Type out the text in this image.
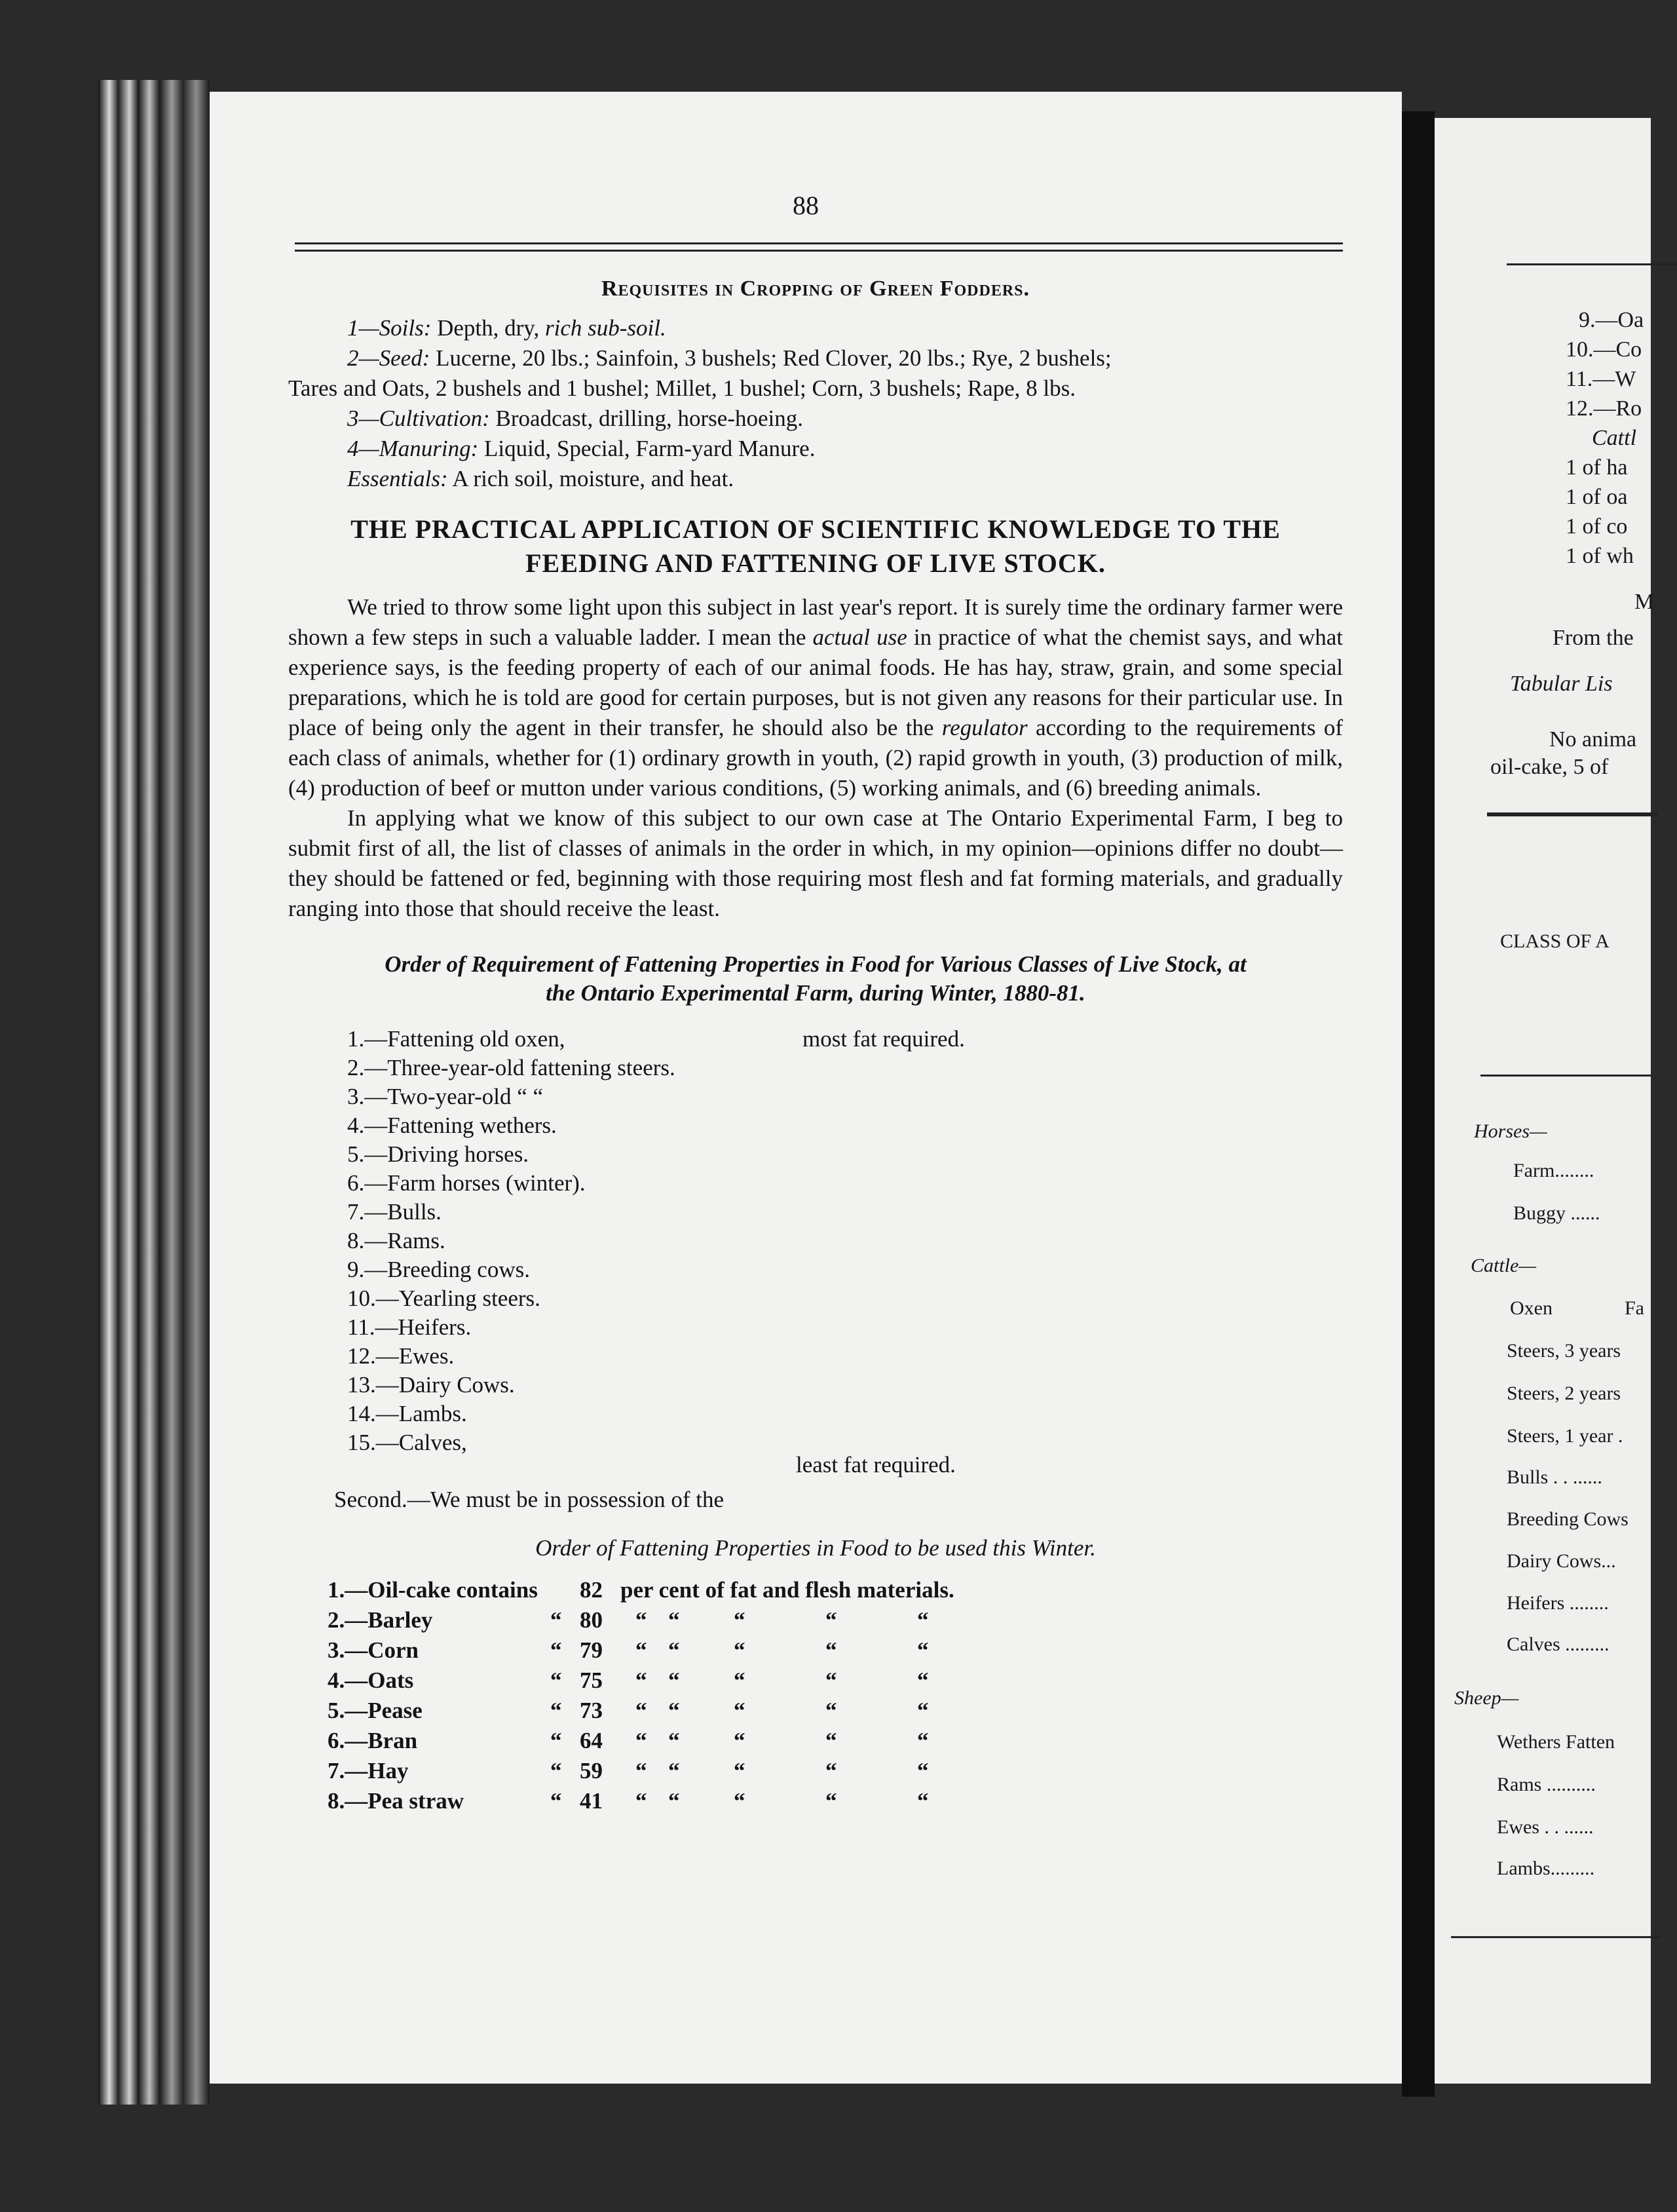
88
Requisites in Cropping of Green Fodders.

1—Soils: Depth, dry, rich sub-soil.

2—Seed: Lucerne, 20 lbs.; Sainfoin, 3 bushels; Red Clover, 20 lbs.; Rye, 2 bushels;

Tares and Oats, 2 bushels and 1 bushel; Millet, 1 bushel; Corn, 3 bushels; Rape, 8 lbs.

3—Cultivation: Broadcast, drilling, horse-hoeing.

4—Manuring: Liquid, Special, Farm-yard Manure.

Essentials: A rich soil, moisture, and heat.

THE PRACTICAL APPLICATION OF SCIENTIFIC KNOWLEDGE TO THE
FEEDING AND FATTENING OF LIVE STOCK.

We tried to throw some light upon this subject in last year's report. It is surely time the ordinary farmer were shown a few steps in such a valuable ladder. I mean the actual use in practice of what the chemist says, and what experience says, is the feeding property of each of our animal foods. He has hay, straw, grain, and some special preparations, which he is told are good for certain purposes, but is not given any reasons for their particular use. In place of being only the agent in their transfer, he should also be the regulator according to the requirements of each class of animals, whether for (1) ordinary growth in youth, (2) rapid growth in youth, (3) production of milk, (4) production of beef or mutton under various conditions, (5) working animals, and (6) breeding animals.

In applying what we know of this subject to our own case at The Ontario Experimental Farm, I beg to submit first of all, the list of classes of animals in the order in which, in my opinion—opinions differ no doubt—they should be fattened or fed, beginning with those requiring most flesh and fat forming materials, and gradually ranging into those that should receive the least.

Order of Requirement of Fattening Properties in Food for Various Classes of Live Stock, at
the Ontario Experimental Farm, during Winter, 1880-81.
most fat required.
least fat required.
1.—Fattening old oxen,
2.—Three-year-old fattening steers.
3.—Two-year-old “ “
4.—Fattening wethers.
5.—Driving horses.
6.—Farm horses (winter).
7.—Bulls.
8.—Rams.
9.—Breeding cows.
10.—Yearling steers.
11.—Heifers.
12.—Ewes.
13.—Dairy Cows.
14.—Lambs.
15.—Calves,

Second.—We must be in possession of the

Order of Fattening Properties in Food to be used this Winter.
1.—Oil-cake contains 82 per cent of fat and flesh materials.
2.—Barley	“ 80 “ “ “	“	“
3.—Corn	“ 79 “ “ “	“	“
4.—Oats	“ 75 “ “ “	“	“
5.—Pease	“ 73 “ “ “	“	“
6.—Bran	“ 64 “ “ “	“	“
7.—Hay	“ 59 “ “ “	“	“
8.—Pea straw	“ 41 “ “ “	“	“
9.—Oa
10.—Co
11.—W
12.—Ro
Cattl
1 of ha
1 of oa
1 of co
1 of wh
M
From the
Tabular Lis
No anima
oil-cake, 5 of
CLASS OF A
Horses—
Farm........
Buggy ......
Cattle—
Oxen	Fa
Steers, 3 years
Steers, 2 years
Steers, 1 year .
Bulls . . ......
Breeding Cows
Dairy Cows...
Heifers ........
Calves .........
Sheep—
Wethers Fatten
Rams ..........
Ewes . . ......
Lambs.........
